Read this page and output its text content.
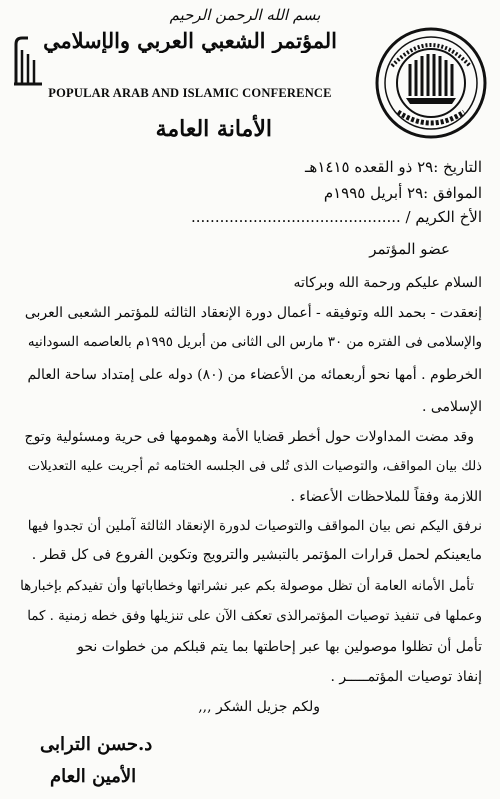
بسم الله الرحمن الرحيم
المؤتمر الشعبي العربي والإسلامي
POPULAR ARAB AND ISLAMIC CONFERENCE
الأمانة العامة
التاريخ :٢٩ ذو القعده ١٤١٥هـ
الموافق :٢٩ أبريل ١٩٩٥م
الأخ الكريم / ............................................
عضو المؤتمر
السلام عليكم ورحمة الله وبركاته
إنعقدت - بحمد الله وتوفيقه - أعمال دورة الإنعقاد الثالثه للمؤتمر الشعبى العربى
والإسلامى فى الفتره من ٣٠ مارس الى الثانى من أبريل ١٩٩٥م بالعاصمه السودانيه
الخرطوم . أمها نحو أربعمائه من الأعضاء من (٨٠) دوله على إمتداد ساحة العالم
الإسلامى .
وقد مضت المداولات حول أخطر قضايا الأمة وهمومها فى حرية ومسئولية وتوج
ذلك بيان المواقف، والتوصيات الذى تُلى فى الجلسه الختامه ثم أجريت عليه التعديلات
اللازمة وفقاً للملاحظات الأعضاء .
نرفق اليكم نص بيان المواقف والتوصيات لدورة الإنعقاد الثالثة آملين أن تجدوا فيها
مايعينكم لحمل قرارات المؤتمر بالتبشير والترويج وتكوين الفروع فى كل قطر .
تأمل الأمانه العامة أن تظل موصولة بكم عبر نشراتها وخطاباتها وأن تفيدكم بإخبارها
وعملها فى تنفيذ توصيات المؤتمرالذى تعكف الآن على تنزيلها وفق خطه زمنية . كما
تأمل أن تظلوا موصولين بها عبر إحاطتها بما يتم قبلكم من خطوات نحو
إنفاذ توصيات المؤتمـــــر .
ولكم جزيل الشكر ,,,
د.حسن الترابى
الأمين العام
